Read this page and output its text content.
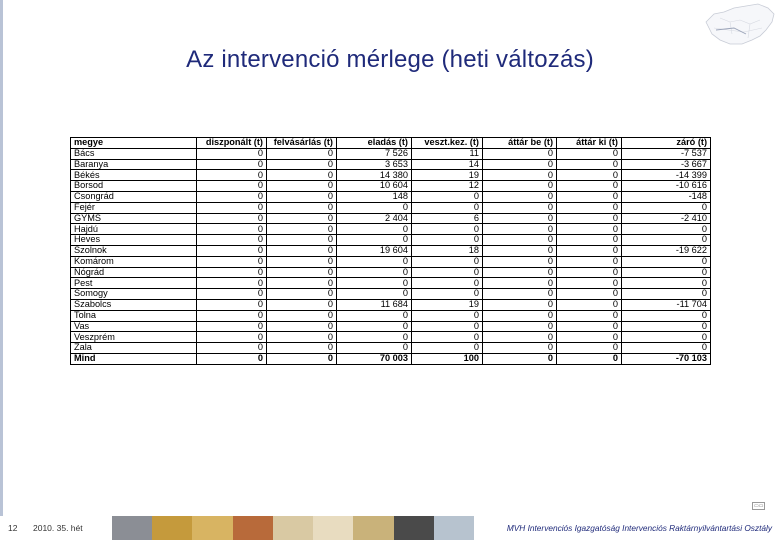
Az intervenció mérlege (heti változás)
megye	diszponált (t)	felvásárlás (t)	eladás (t)	veszt.kez. (t)	áttár be (t)	áttár ki (t)	záró (t)
Bács	0	0	7 526	11	0	0	-7 537
Baranya	0	0	3 653	14	0	0	-3 667
Békés	0	0	14 380	19	0	0	-14 399
Borsod	0	0	10 604	12	0	0	-10 616
Csongrád	0	0	148	0	0	0	-148
Fejér	0	0	0	0	0	0	0
GYMS	0	0	2 404	6	0	0	-2 410
Hajdú	0	0	0	0	0	0	0
Heves	0	0	0	0	0	0	0
Szolnok	0	0	19 604	18	0	0	-19 622
Komárom	0	0	0	0	0	0	0
Nógrád	0	0	0	0	0	0	0
Pest	0	0	0	0	0	0	0
Somogy	0	0	0	0	0	0	0
Szabolcs	0	0	11 684	19	0	0	-11 704
Tolna	0	0	0	0	0	0	0
Vas	0	0	0	0	0	0	0
Veszprém	0	0	0	0	0	0	0
Zala	0	0	0	0	0	0	0
Mind	0	0	70 003	100	0	0	-70 103
▭▭
12 2010. 35. hét	MVH Intervenciós Igazgatóság Intervenciós Raktárnyilvántartási Osztály
